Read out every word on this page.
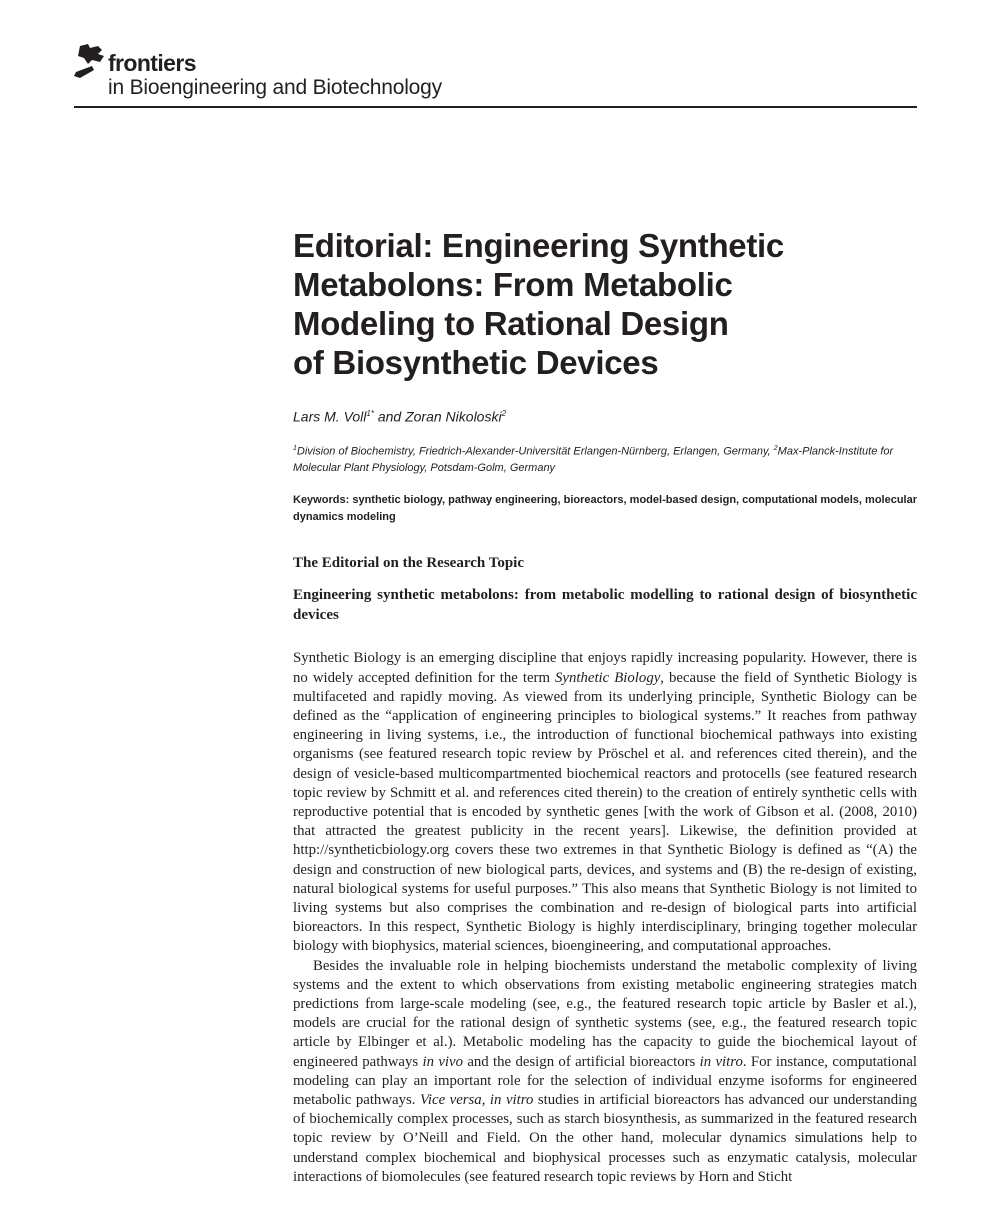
frontiers
in Bioengineering and Biotechnology
Editorial: Engineering Synthetic
Metabolons: From Metabolic
Modeling to Rational Design
of Biosynthetic Devices
Lars M. Voll$^{1*}$ and Zoran Nikoloski$^2$
$^1$Division of Biochemistry, Friedrich-Alexander-Universität Erlangen-Nürnberg, Erlangen, Germany, $^2$Max-Planck-Institute for Molecular Plant Physiology, Potsdam-Golm, Germany
Keywords: synthetic biology, pathway engineering, bioreactors, model-based design, computational models, molecular dynamics modeling
The Editorial on the Research Topic
Engineering synthetic metabolons: from metabolic modelling to rational design of biosynthetic devices

Synthetic Biology is an emerging discipline that enjoys rapidly increasing popularity. However, there is no widely accepted definition for the term Synthetic Biology, because the field of Synthetic Biology is multifaceted and rapidly moving. As viewed from its underlying principle, Synthetic Biology can be defined as the “application of engineering principles to biological systems.” It reaches from pathway engineering in living systems, i.e., the introduction of functional biochemical pathways into existing organisms (see featured research topic review by Pröschel et al. and references cited therein), and the design of vesicle-based multicompartmented biochemical reactors and protocells (see featured research topic review by Schmitt et al. and references cited therein) to the creation of entirely synthetic cells with reproductive potential that is encoded by synthetic genes [with the work of Gibson et al. (2008, 2010) that attracted the greatest publicity in the recent years]. Likewise, the definition provided at http://syntheticbiology.org covers these two extremes in that Synthetic Biology is defined as “(A) the design and construction of new biological parts, devices, and systems and (B) the re-design of existing, natural biological systems for useful purposes.” This also means that Synthetic Biology is not limited to living systems but also comprises the combination and re-design of biological parts into artificial bioreactors. In this respect, Synthetic Biology is highly interdisciplinary, bringing together molecular biology with biophysics, material sciences, bioengineering, and computational approaches.

Besides the invaluable role in helping biochemists understand the metabolic complexity of living systems and the extent to which observations from existing metabolic engineering strategies match predictions from large-scale modeling (see, e.g., the featured research topic article by Basler et al.), models are crucial for the rational design of synthetic systems (see, e.g., the featured research topic article by Elbinger et al.). Metabolic modeling has the capacity to guide the biochemical layout of engineered pathways in vivo and the design of artificial bioreactors in vitro. For instance, computational modeling can play an important role for the selection of individual enzyme isoforms for engineered metabolic pathways. Vice versa, in vitro studies in artificial bioreactors has advanced our understanding of biochemically complex processes, such as starch biosynthesis, as summarized in the featured research topic review by O’Neill and Field. On the other hand, molecular dynamics simulations help to understand complex biochemical and biophysical processes such as enzymatic catalysis, molecular interactions of biomolecules (see featured research topic reviews by Horn and Sticht
